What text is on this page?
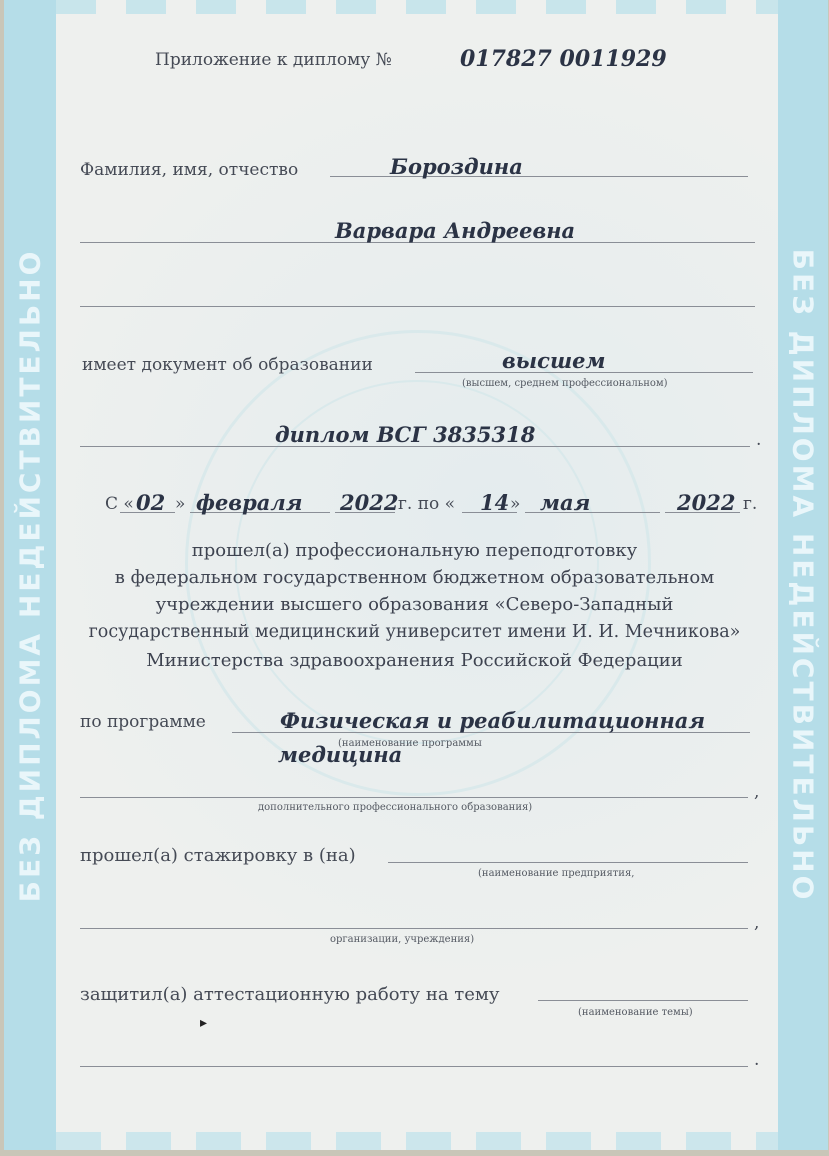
БЕЗ ДИПЛОМА НЕДЕЙСТВИТЕЛЬНО	БЕЗ ДИПЛОМА НЕДЕЙСТВИТЕЛЬНО
Приложение к диплому №	017827 0011929
Фамилия, имя, отчество	Бороздина
Варвара Андреевна
имеет документ об образовании	высшем
(высшем, среднем профессиональном)
диплом ВСГ 3835318	.
С « 02 » февраля 2022 г. по « 14 » мая	2022 г.
прошел(а) профессиональную переподготовку
в федеральном государственном бюджетном образовательном
учреждении высшего образования «Северо-Западный
государственный медицинский университет имени И. И. Мечникова»
Министерства здравоохранения Российской Федерации
по программе	Физическая и реабилитационная
(наименование программы
медицина
,
дополнительного профессионального образования)
прошел(а) стажировку в (на)
(наименование предприятия,
,
организации, учреждения)
защитил(а) аттестационную работу на тему
(наименование темы)
▸
.
